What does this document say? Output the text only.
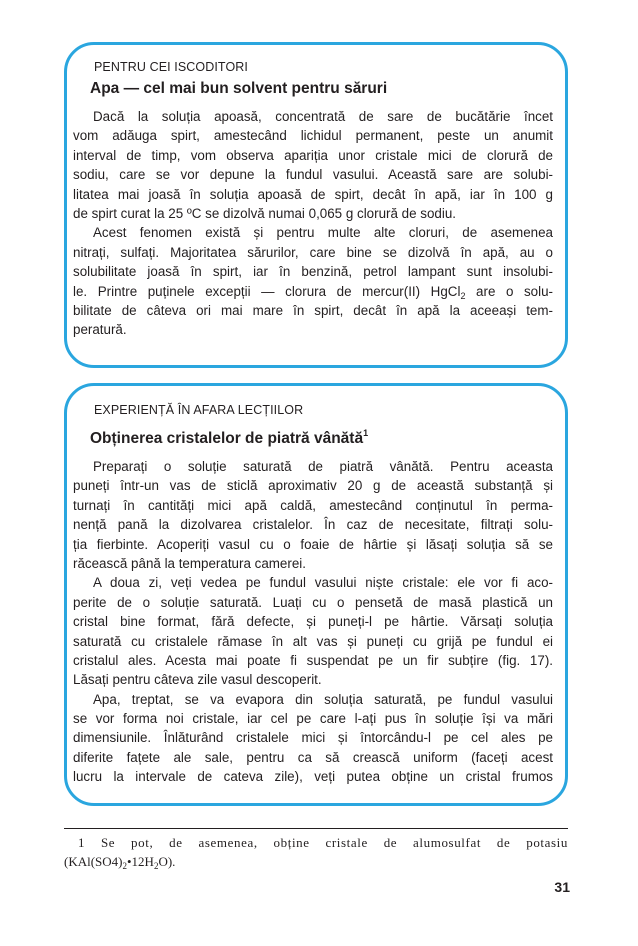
PENTRU CEI ISCODITORI
Apa — cel mai bun solvent pentru săruri
Dacă la soluția apoasă, concentrată de sare de bucătărie încet
vom adăuga spirt, amestecând lichidul permanent, peste un anumit
interval de timp, vom observa apariția unor cristale mici de clorură de
sodiu, care se vor depune la fundul vasului. Această sare are solubi-
litatea mai joasă în soluția apoasă de spirt, decât în apă, iar în 100 g
de spirt curat la 25 ºC se dizolvă numai 0,065 g clorură de sodiu.
Acest fenomen există și pentru multe alte cloruri, de asemenea
nitrați, sulfați. Majoritatea sărurilor, care bine se dizolvă în apă, au o
solubilitate joasă în spirt, iar în benzină, petrol lampant sunt insolubi-
le. Printre puținele excepții — clorura de mercur(II) HgCl$_2$ are o solu-
bilitate de câteva ori mai mare în spirt, decât în apă la aceeași tem-
peratură.
EXPERIENȚĂ ÎN AFARA LECȚIILOR
Obținerea cristalelor de piatră vânătă$^1$
Preparați o soluție saturată de piatră vânătă. Pentru aceasta
puneți într-un vas de sticlă aproximativ 20 g de această substanță și
turnați în cantități mici apă caldă, amestecând conținutul în perma-
nență pană la dizolvarea cristalelor. În caz de necesitate, filtrați solu-
ția fierbinte. Acoperiți vasul cu o foaie de hârtie și lăsați soluția să se
răcească până la temperatura camerei.
A doua zi, veți vedea pe fundul vasului niște cristale: ele vor fi aco-
perite de o soluție saturată. Luați cu o pensetă de masă plastică un
cristal bine format, fără defecte, și puneți-l pe hârtie. Vărsați soluția
saturată cu cristalele rămase în alt vas și puneți cu grijă pe fundul ei
cristalul ales. Acesta mai poate fi suspendat pe un fir subțire (fig. 17).
Lăsați pentru câteva zile vasul descoperit.
Apa, treptat, se va evapora din soluția saturată, pe fundul vasului
se vor forma noi cristale, iar cel pe care l-ați pus în soluție își va mări
dimensiunile. Înlăturând cristalele mici și întorcându-l pe cel ales pe
diferite fațete ale sale, pentru ca să crească uniform (faceți acest
lucru la intervale de cateva zile), veți putea obține un cristal frumos
1 Se pot, de asemenea, obține cristale de alumosulfat de potasiu
$(KAl(SO4)_2•12H_2O)$.
31
